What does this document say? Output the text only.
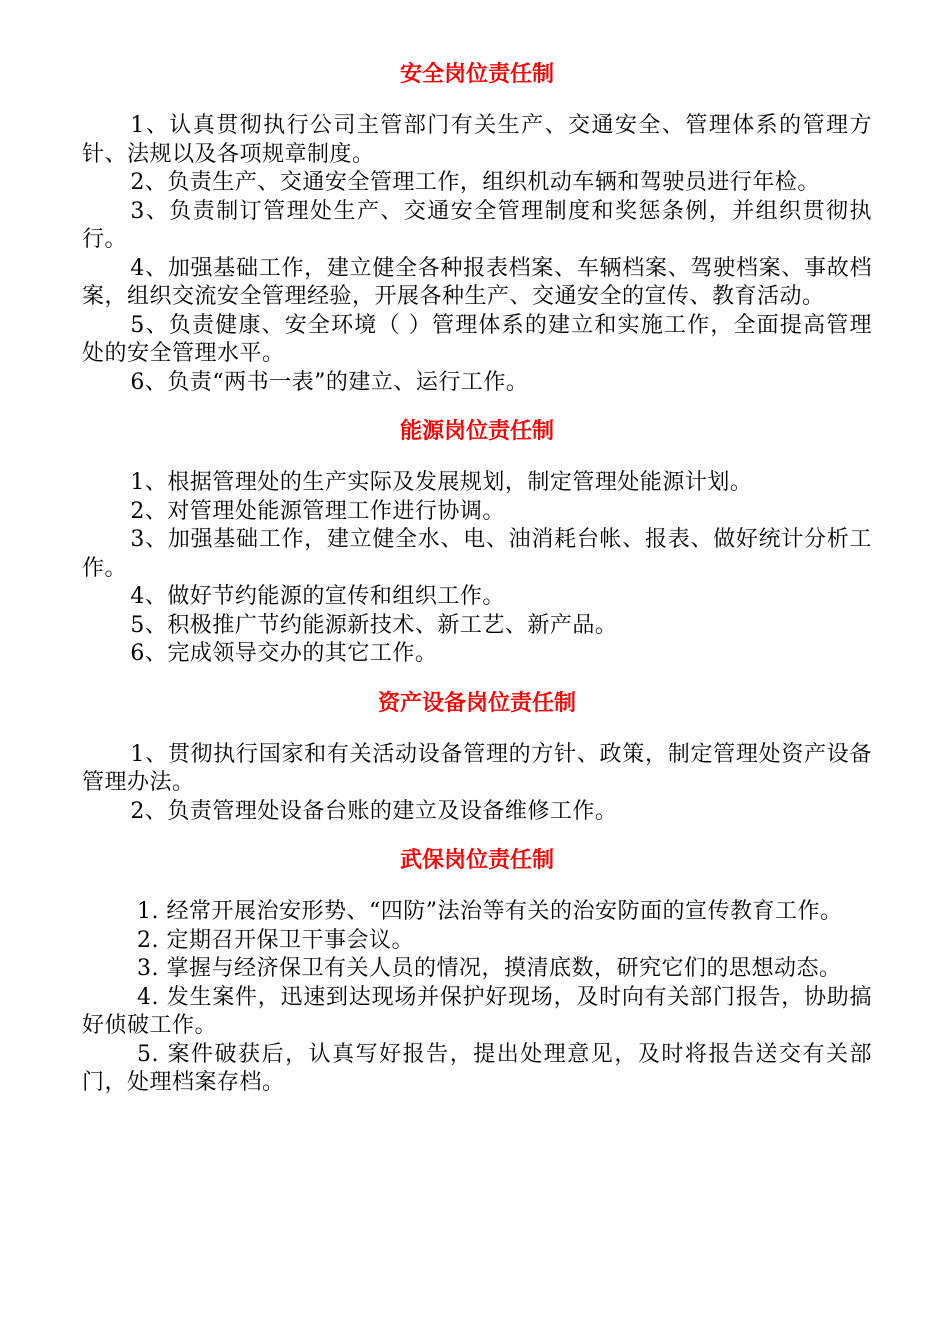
安全岗位责任制

1、认真贯彻执行公司主管部门有关生产、交通安全、管理体系的管理方针、法规以及各项规章制度。

2、负责生产、交通安全管理工作，组织机动车辆和驾驶员进行年检。

3、负责制订管理处生产、交通安全管理制度和奖惩条例，并组织贯彻执行。

4、加强基础工作，建立健全各种报表档案、车辆档案、驾驶档案、事故档案，组织交流安全管理经验，开展各种生产、交通安全的宣传、教育活动。

5、负责健康、安全环境（ ）管理体系的建立和实施工作，全面提高管理处的安全管理水平。

6、负责“两书一表”的建立、运行工作。

能源岗位责任制

1、根据管理处的生产实际及发展规划，制定管理处能源计划。

2、对管理处能源管理工作进行协调。

3、加强基础工作，建立健全水、电、油消耗台帐、报表、做好统计分析工作。

4、做好节约能源的宣传和组织工作。

5、积极推广节约能源新技术、新工艺、新产品。

6、完成领导交办的其它工作。

资产设备岗位责任制

1、贯彻执行国家和有关活动设备管理的方针、政策，制定管理处资产设备管理办法。

2、负责管理处设备台账的建立及设备维修工作。

武保岗位责任制

1. 经常开展治安形势、“四防”法治等有关的治安防面的宣传教育工作。

2. 定期召开保卫干事会议。

3. 掌握与经济保卫有关人员的情况，摸清底数，研究它们的思想动态。

4. 发生案件，迅速到达现场并保护好现场，及时向有关部门报告，协助搞好侦破工作。

5. 案件破获后，认真写好报告，提出处理意见，及时将报告送交有关部门，处理档案存档。
